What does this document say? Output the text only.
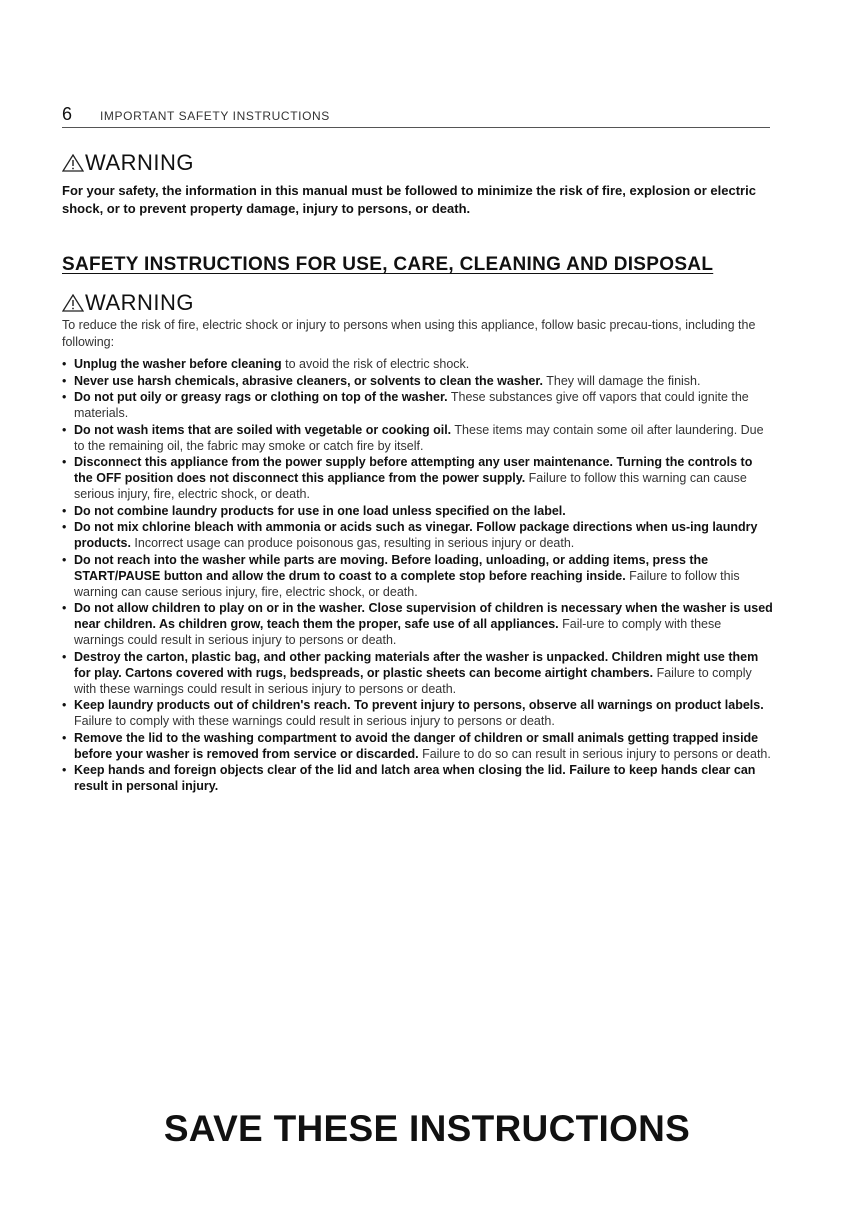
6	IMPORTANT SAFETY INSTRUCTIONS
WARNING
For your safety, the information in this manual must be followed to minimize the risk of fire, explosion or electric shock, or to prevent property damage, injury to persons, or death.
SAFETY INSTRUCTIONS FOR USE, CARE, CLEANING AND DISPOSAL
WARNING
To reduce the risk of fire, electric shock or injury to persons when using this appliance, follow basic precau-tions, including the following:
• Unplug the washer before cleaning to avoid the risk of electric shock.
• Never use harsh chemicals, abrasive cleaners, or solvents to clean the washer. They will damage the finish.
• Do not put oily or greasy rags or clothing on top of the washer. These substances give off vapors that could ignite the materials.
• Do not wash items that are soiled with vegetable or cooking oil. These items may contain some oil after laundering. Due to the remaining oil, the fabric may smoke or catch fire by itself.
• Disconnect this appliance from the power supply before attempting any user maintenance. Turning the controls to the OFF position does not disconnect this appliance from the power supply. Failure to follow this warning can cause serious injury, fire, electric shock, or death.
• Do not combine laundry products for use in one load unless specified on the label.
• Do not mix chlorine bleach with ammonia or acids such as vinegar. Follow package directions when us-ing laundry products. Incorrect usage can produce poisonous gas, resulting in serious injury or death.
• Do not reach into the washer while parts are moving. Before loading, unloading, or adding items, press the START/PAUSE button and allow the drum to coast to a complete stop before reaching inside. Failure to follow this warning can cause serious injury, fire, electric shock, or death.
• Do not allow children to play on or in the washer. Close supervision of children is necessary when the washer is used near children. As children grow, teach them the proper, safe use of all appliances. Fail-ure to comply with these warnings could result in serious injury to persons or death.
• Destroy the carton, plastic bag, and other packing materials after the washer is unpacked. Children might use them for play. Cartons covered with rugs, bedspreads, or plastic sheets can become airtight chambers. Failure to comply with these warnings could result in serious injury to persons or death.
• Keep laundry products out of children's reach. To prevent injury to persons, observe all warnings on product labels. Failure to comply with these warnings could result in serious injury to persons or death.
• Remove the lid to the washing compartment to avoid the danger of children or small animals getting trapped inside before your washer is removed from service or discarded. Failure to do so can result in serious injury to persons or death.
• Keep hands and foreign objects clear of the lid and latch area when closing the lid. Failure to keep hands clear can result in personal injury.
SAVE THESE INSTRUCTIONS
